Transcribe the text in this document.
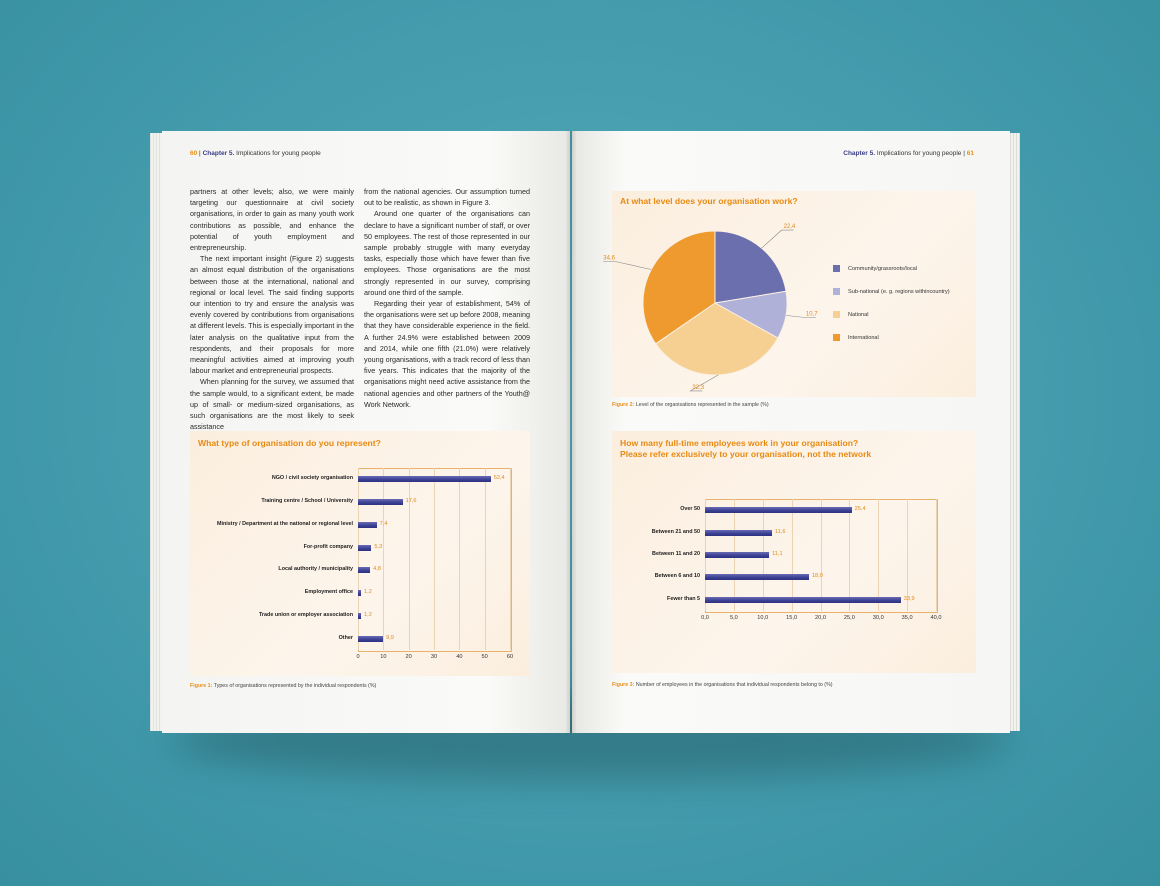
60 | Chapter 5. Implications for young people

partners at other levels; also, we were mainly targeting our questionnaire at civil society organisations, in order to gain as many youth work contributions as possible, and enhance the potential of youth employment and entrepreneurship.

The next important insight (Figure 2) suggests an almost equal distribution of the organisations between those at the international, national and regional or local level. The said finding supports our intention to try and ensure the analysis was evenly covered by contributions from organisations at different levels. This is especially important in the later analysis on the qualitative input from the respondents, and their proposals for more meaningful activities aimed at improving youth labour market and entrepreneurial prospects.

When planning for the survey, we assumed that the sample would, to a significant extent, be made up of small- or medium-sized organisations, as such organisations are the most likely to seek assistance

from the national agencies. Our assumption turned out to be realistic, as shown in Figure 3.

Around one quarter of the organisations can declare to have a significant number of staff, or over 50 employees. The rest of those represented in our sample probably struggle with many everyday tasks, especially those which have fewer than five employees. Those organisations are the most strongly represented in our survey, comprising around one third of the sample.

Regarding their year of establishment, 54% of the organisations were set up before 2008, meaning that they have considerable experience in the field. A further 24.9% were established between 2009 and 2014, while one fifth (21.0%) were relatively young organisations, with a track record of less than five years. This indicates that the majority of the organisations might need active assistance from the national agencies and other partners of the Youth@ Work Network.

What type of organisation do you represent?
0	10	20	30	40	50	60
NGO / civil society organisation	52,4
Training centre / School / University	17,6
Ministry / Department at the national or regional level	7,4
For-profit company	5,3
Local authority / municipality	4,8
Employment office 1,2
Trade union or employer association 1,2
Other	9,9
Figure 1: Types of organisations represented by the individual respondents (%)
Chapter 5. Implications for young people | 61
At what level does your organisation work?
22,4
10,7
32,3
34,6
Community/grassroots/local
Sub-national (e. g. regions withincountry)
National
International
Figure 2: Level of the organisations represented in the sample (%)
How many full-time employees work in your organisation?
Please refer exclusively to your organisation, not the network
0,0	5,0	10,0	15,0	20,0	25,0	30,0	35,0	40,0
Over 50	25,4
Between 21 and 50	11,6
Between 11 and 20	11,1
Between 6 and 10	18,0
Fewer than 5	33,9
Figure 3: Number of employees in the organisations that individual respondents belong to (%)
